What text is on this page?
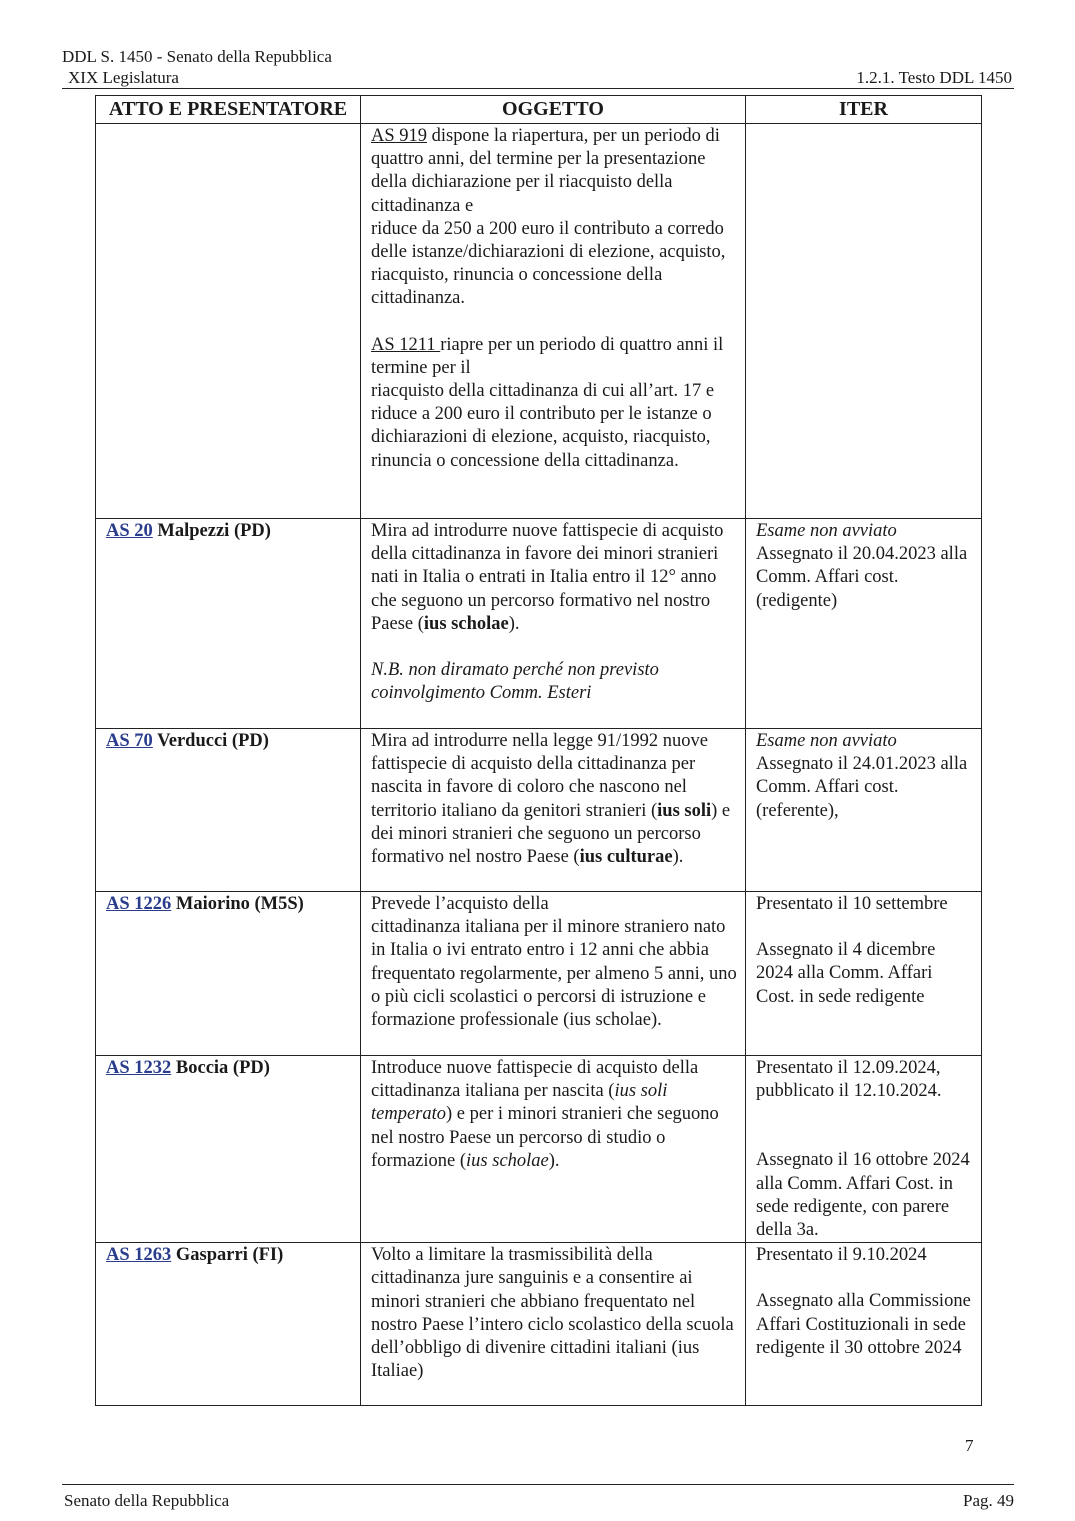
DDL S. 1450 - Senato della Repubblica
XIX Legislatura	1.2.1. Testo DDL 1450
ATTO E PRESENTATORE	OGGETTO	ITER
	AS 919 dispone la riapertura, per un periodo di quattro anni, del termine per la presentazione della dichiarazione per il riacquisto della cittadinanza e
riduce da 250 a 200 euro il contributo a corredo delle istanze/dichiarazioni di elezione, acquisto, riacquisto, rinuncia o concessione della cittadinanza.
AS 1211 riapre per un periodo di quattro anni il termine per il
riacquisto della cittadinanza di cui all’art. 17 e riduce a 200 euro il contributo per le istanze o dichiarazioni di elezione, acquisto, riacquisto,
rinuncia o concessione della cittadinanza.	
AS 20 Malpezzi (PD)	Mira ad introdurre nuove fattispecie di acquisto della cittadinanza in favore dei minori stranieri nati in Italia o entrati in Italia entro il 12° anno che seguono un percorso formativo nel nostro Paese (ius scholae).
N.B. non diramato perché non previsto coinvolgimento Comm. Esteri	Esame non avviato
Assegnato il 20.04.2023 alla Comm. Affari cost. (redigente)
AS 70 Verducci (PD)	Mira ad introdurre nella legge 91/1992 nuove fattispecie di acquisto della cittadinanza per nascita in favore di coloro che nascono nel territorio italiano da genitori stranieri (ius soli) e dei minori stranieri che seguono un percorso formativo nel nostro Paese (ius culturae).	Esame non avviato
Assegnato il 24.01.2023 alla Comm. Affari cost. (referente),
AS 1226 Maiorino (M5S)	Prevede l’acquisto della
cittadinanza italiana per il minore straniero nato in Italia o ivi entrato entro i 12 anni che abbia frequentato regolarmente, per almeno 5 anni, uno o più cicli scolastici o percorsi di istruzione e formazione professionale (ius scholae).	Presentato il 10 settembre
Assegnato il 4 dicembre 2024 alla Comm. Affari Cost. in sede redigente
AS 1232 Boccia (PD)	Introduce nuove fattispecie di acquisto della cittadinanza italiana per nascita (ius soli temperato) e per i minori stranieri che seguono nel nostro Paese un percorso di studio o formazione (ius scholae).	Presentato il 12.09.2024, pubblicato il 12.10.2024.
Assegnato il 16 ottobre 2024 alla Comm. Affari Cost. in sede redigente, con parere della 3a.
AS 1263 Gasparri (FI)	Volto a limitare la trasmissibilità della cittadinanza jure sanguinis e a consentire ai minori stranieri che abbiano frequentato nel nostro Paese l’intero ciclo scolastico della scuola dell’obbligo di divenire cittadini italiani (ius Italiae)	Presentato il 9.10.2024
Assegnato alla Commissione Affari Costituzionali in sede redigente il 30 ottobre 2024
7
Senato della Repubblica	Pag. 49
